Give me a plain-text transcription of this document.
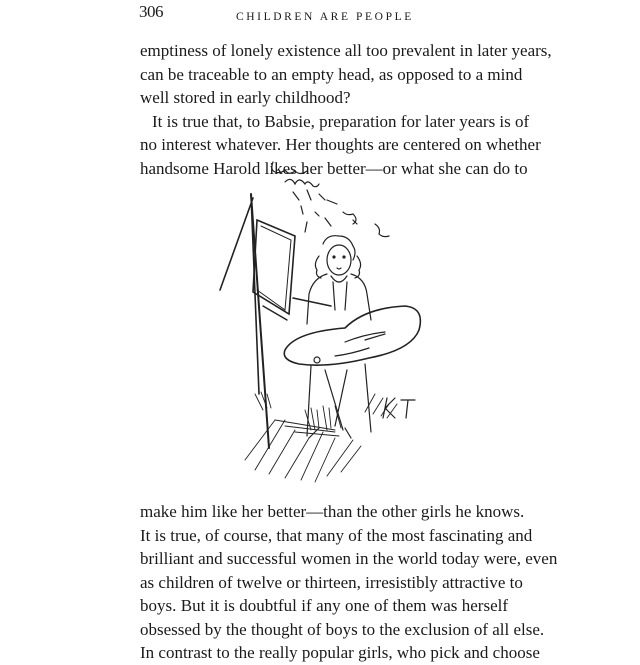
306	CHILDREN ARE PEOPLE
emptiness of lonely existence all too prevalent in later years,
can be traceable to an empty head, as opposed to a mind
well stored in early childhood?
It is true that, to Babsie, preparation for later years is of
no interest whatever. Her thoughts are centered on whether
handsome Harold likes her better—or what she can do to
make him like her better—than the other girls he knows.
It is true, of course, that many of the most fascinating and
brilliant and successful women in the world today were, even
as children of twelve or thirteen, irresistibly attractive to
boys. But it is doubtful if any one of them was herself
obsessed by the thought of boys to the exclusion of all else.
In contrast to the really popular girls, who pick and choose
